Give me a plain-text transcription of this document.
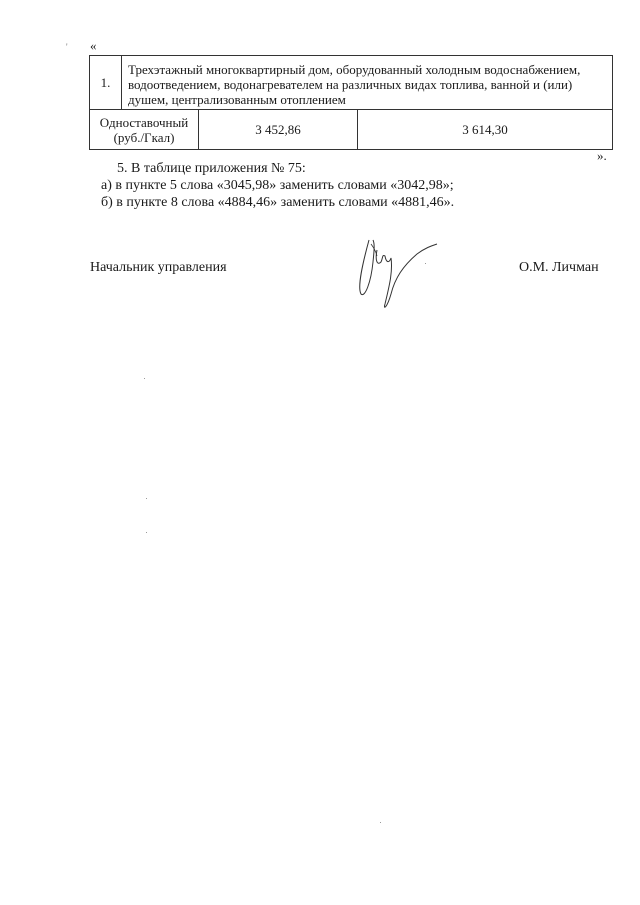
' «
1.	Трехэтажный многоквартирный дом, оборудованный холодным водоснабжением, водоотведением, водонагревателем на различных видах топлива, ванной и (или) душем, централизованным отоплением		

Одноставочный
(руб./Гкал)		3 452,86	3 614,30
».
5. В таблице приложения № 75:
а) в пункте 5 слова «3045,98» заменить словами «3042,98»;
б) в пункте 8 слова «4884,46» заменить словами «4881,46».
Начальник управления	О.М. Личман
